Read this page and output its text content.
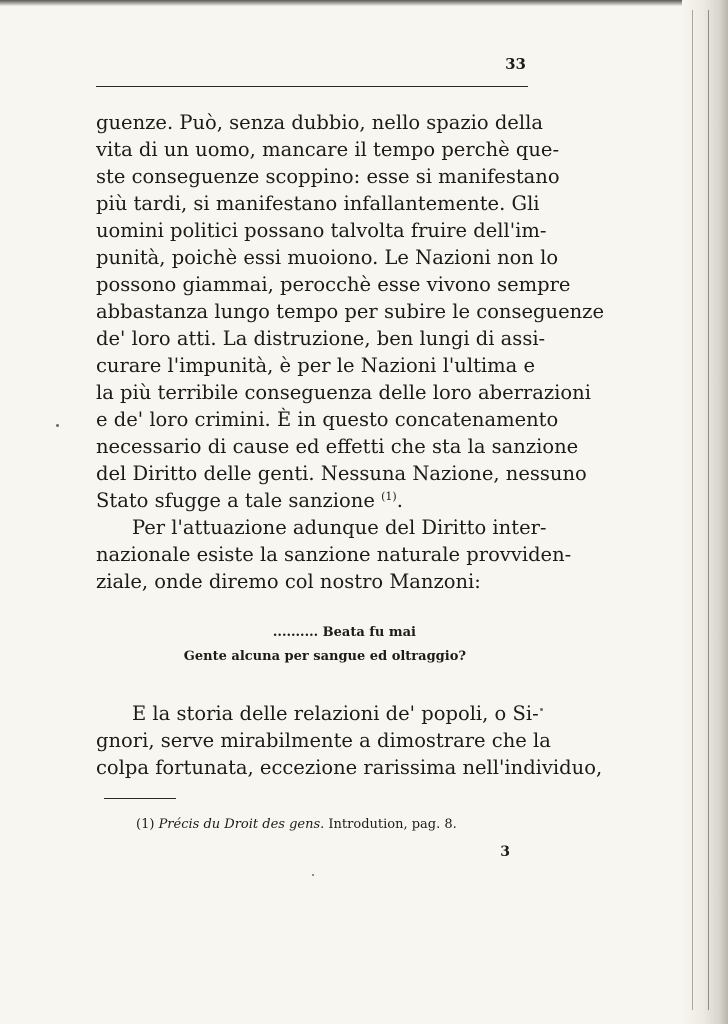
33
guenze. Può, senza dubbio, nello spazio della
vita di un uomo, mancare il tempo perchè que-
ste conseguenze scoppino: esse si manifestano
più tardi, si manifestano infallantemente. Gli
uomini politici possano talvolta fruire dell'im-
punità, poichè essi muoiono. Le Nazioni non lo
possono giammai, perocchè esse vivono sempre
abbastanza lungo tempo per subire le conseguenze
de' loro atti. La distruzione, ben lungi di assi-
curare l'impunità, è per le Nazioni l'ultima e
la più terribile conseguenza delle loro aberrazioni
e de' loro crimini. È in questo concatenamento
necessario di cause ed effetti che sta la sanzione
del Diritto delle genti. Nessuna Nazione, nessuno
Stato sfugge a tale sanzione $^{(1)}$.
Per l'attuazione adunque del Diritto inter-
nazionale esiste la sanzione naturale provviden-
ziale, onde diremo col nostro Manzoni:
.......... Beata fu mai
Gente alcuna per sangue ed oltraggio?
E la storia delle relazioni de' popoli, o Si-
gnori, serve mirabilmente a dimostrare che la
colpa fortunata, eccezione rarissima nell'individuo,
(1) Précis du Droit des gens. Introdution, pag. 8.
3
